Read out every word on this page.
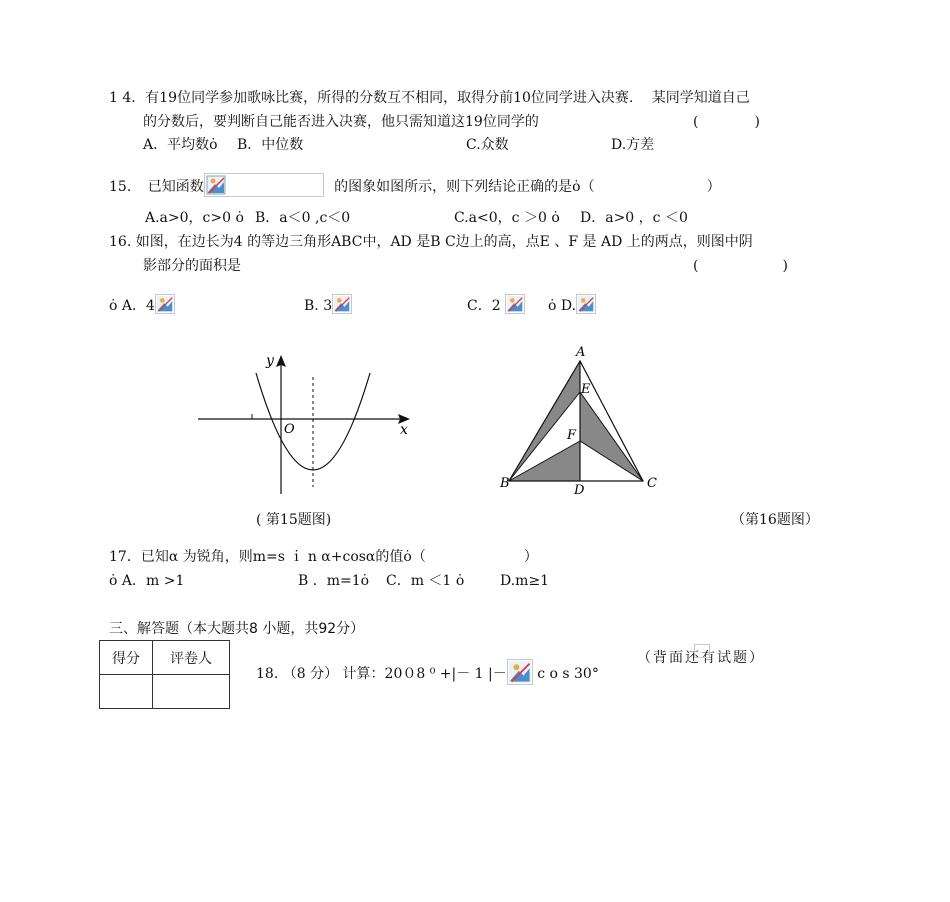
1 4．有19位同学参加歌咏比赛，所得的分数互不相同，取得分前10位同学进入决赛.　 某同学知道自己
的分数后，要判断自己能否进入决赛，他只需知道这19位同学的	(　　　　)
A．平均数ȯ B．中位数	C.众数	D.方差
15. 已知函数	的图象如图所示，则下列结论正确的是ȯ（　　　　　　　　）
A.a>0，c>0 ȯ B．a＜0 ,c＜0	C.a<0，c ＞0 ȯ D．a>0 ，c ＜0
16. 如图，在边长为4 的等边三角形ABC中，AD 是B C边上的高，点E 、F 是 AD 上的两点，则图中阴
影部分的面积是	(　　　　　　)
ȯ A．4	B. 3	C．2	ȯ D.
y
x
O
( 第15题图)
A
E
F
B	D	C
（第16题图）
17．已知α 为锐角，则m=s ｉ n α+cosα的值ȯ（　　　　　　　）
ȯ A．m >1	B ．m=1ȯ C．m ＜1 ȯ	D.m≥1
三、解答题（本大题共8 小题，共92分）
得分	评卷人

18. （8 分） 计算：20０8 ⁰ +|－ 1 |－ c o s 30°
（背面还有试题）
